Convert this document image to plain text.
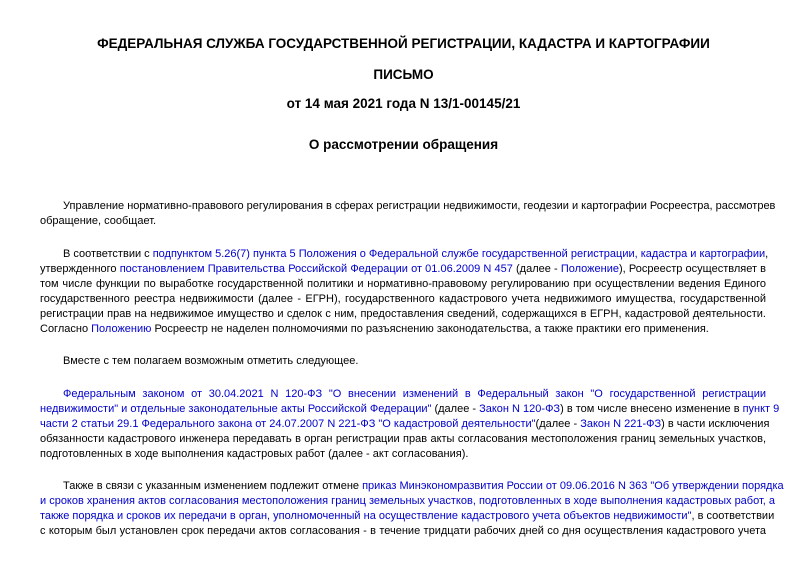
ФЕДЕРАЛЬНАЯ СЛУЖБА ГОСУДАРСТВЕННОЙ РЕГИСТРАЦИИ, КАДАСТРА И КАРТОГРАФИИ
ПИСЬМО
от 14 мая 2021 года N 13/1-00145/21
О рассмотрении обращения
Управление нормативно-правового регулирования в сферах регистрации недвижимости, геодезии и картографии Росреестра, рассмотрев
обращение, сообщает.
В соответствии с подпунктом 5.26(7) пункта 5 Положения о Федеральной службе государственной регистрации, кадастра и картографии,
утвержденного постановлением Правительства Российской Федерации от 01.06.2009 N 457 (далее - Положение), Росреестр осуществляет в
том числе функции по выработке государственной политики и нормативно-правовому регулированию при осуществлении ведения Единого
государственного реестра недвижимости (далее - ЕГРН), государственного кадастрового учета недвижимого имущества, государственной
регистрации прав на недвижимое имущество и сделок с ним, предоставления сведений, содержащихся в ЕГРН, кадастровой деятельности.
Согласно Положению Росреестр не наделен полномочиями по разъяснению законодательства, а также практики его применения.
Вместе с тем полагаем возможным отметить следующее.
Федеральным законом от 30.04.2021 N 120-ФЗ "О внесении изменений в Федеральный закон "О государственной регистрации
недвижимости" и отдельные законодательные акты Российской Федерации" (далее - Закон N 120-ФЗ) в том числе внесено изменение в пункт 9
части 2 статьи 29.1 Федерального закона от 24.07.2007 N 221-ФЗ "О кадастровой деятельности"(далее - Закон N 221-ФЗ) в части исключения
обязанности кадастрового инженера передавать в орган регистрации прав акты согласования местоположения границ земельных участков,
подготовленных в ходе выполнения кадастровых работ (далее - акт согласования).
Также в связи с указанным изменением подлежит отмене приказ Минэкономразвития России от 09.06.2016 N 363 "Об утверждении порядка
и сроков хранения актов согласования местоположения границ земельных участков, подготовленных в ходе выполнения кадастровых работ, а
также порядка и сроков их передачи в орган, уполномоченный на осуществление кадастрового учета объектов недвижимости", в соответствии
с которым был установлен срок передачи актов согласования - в течение тридцати рабочих дней со дня осуществления кадастрового учета
